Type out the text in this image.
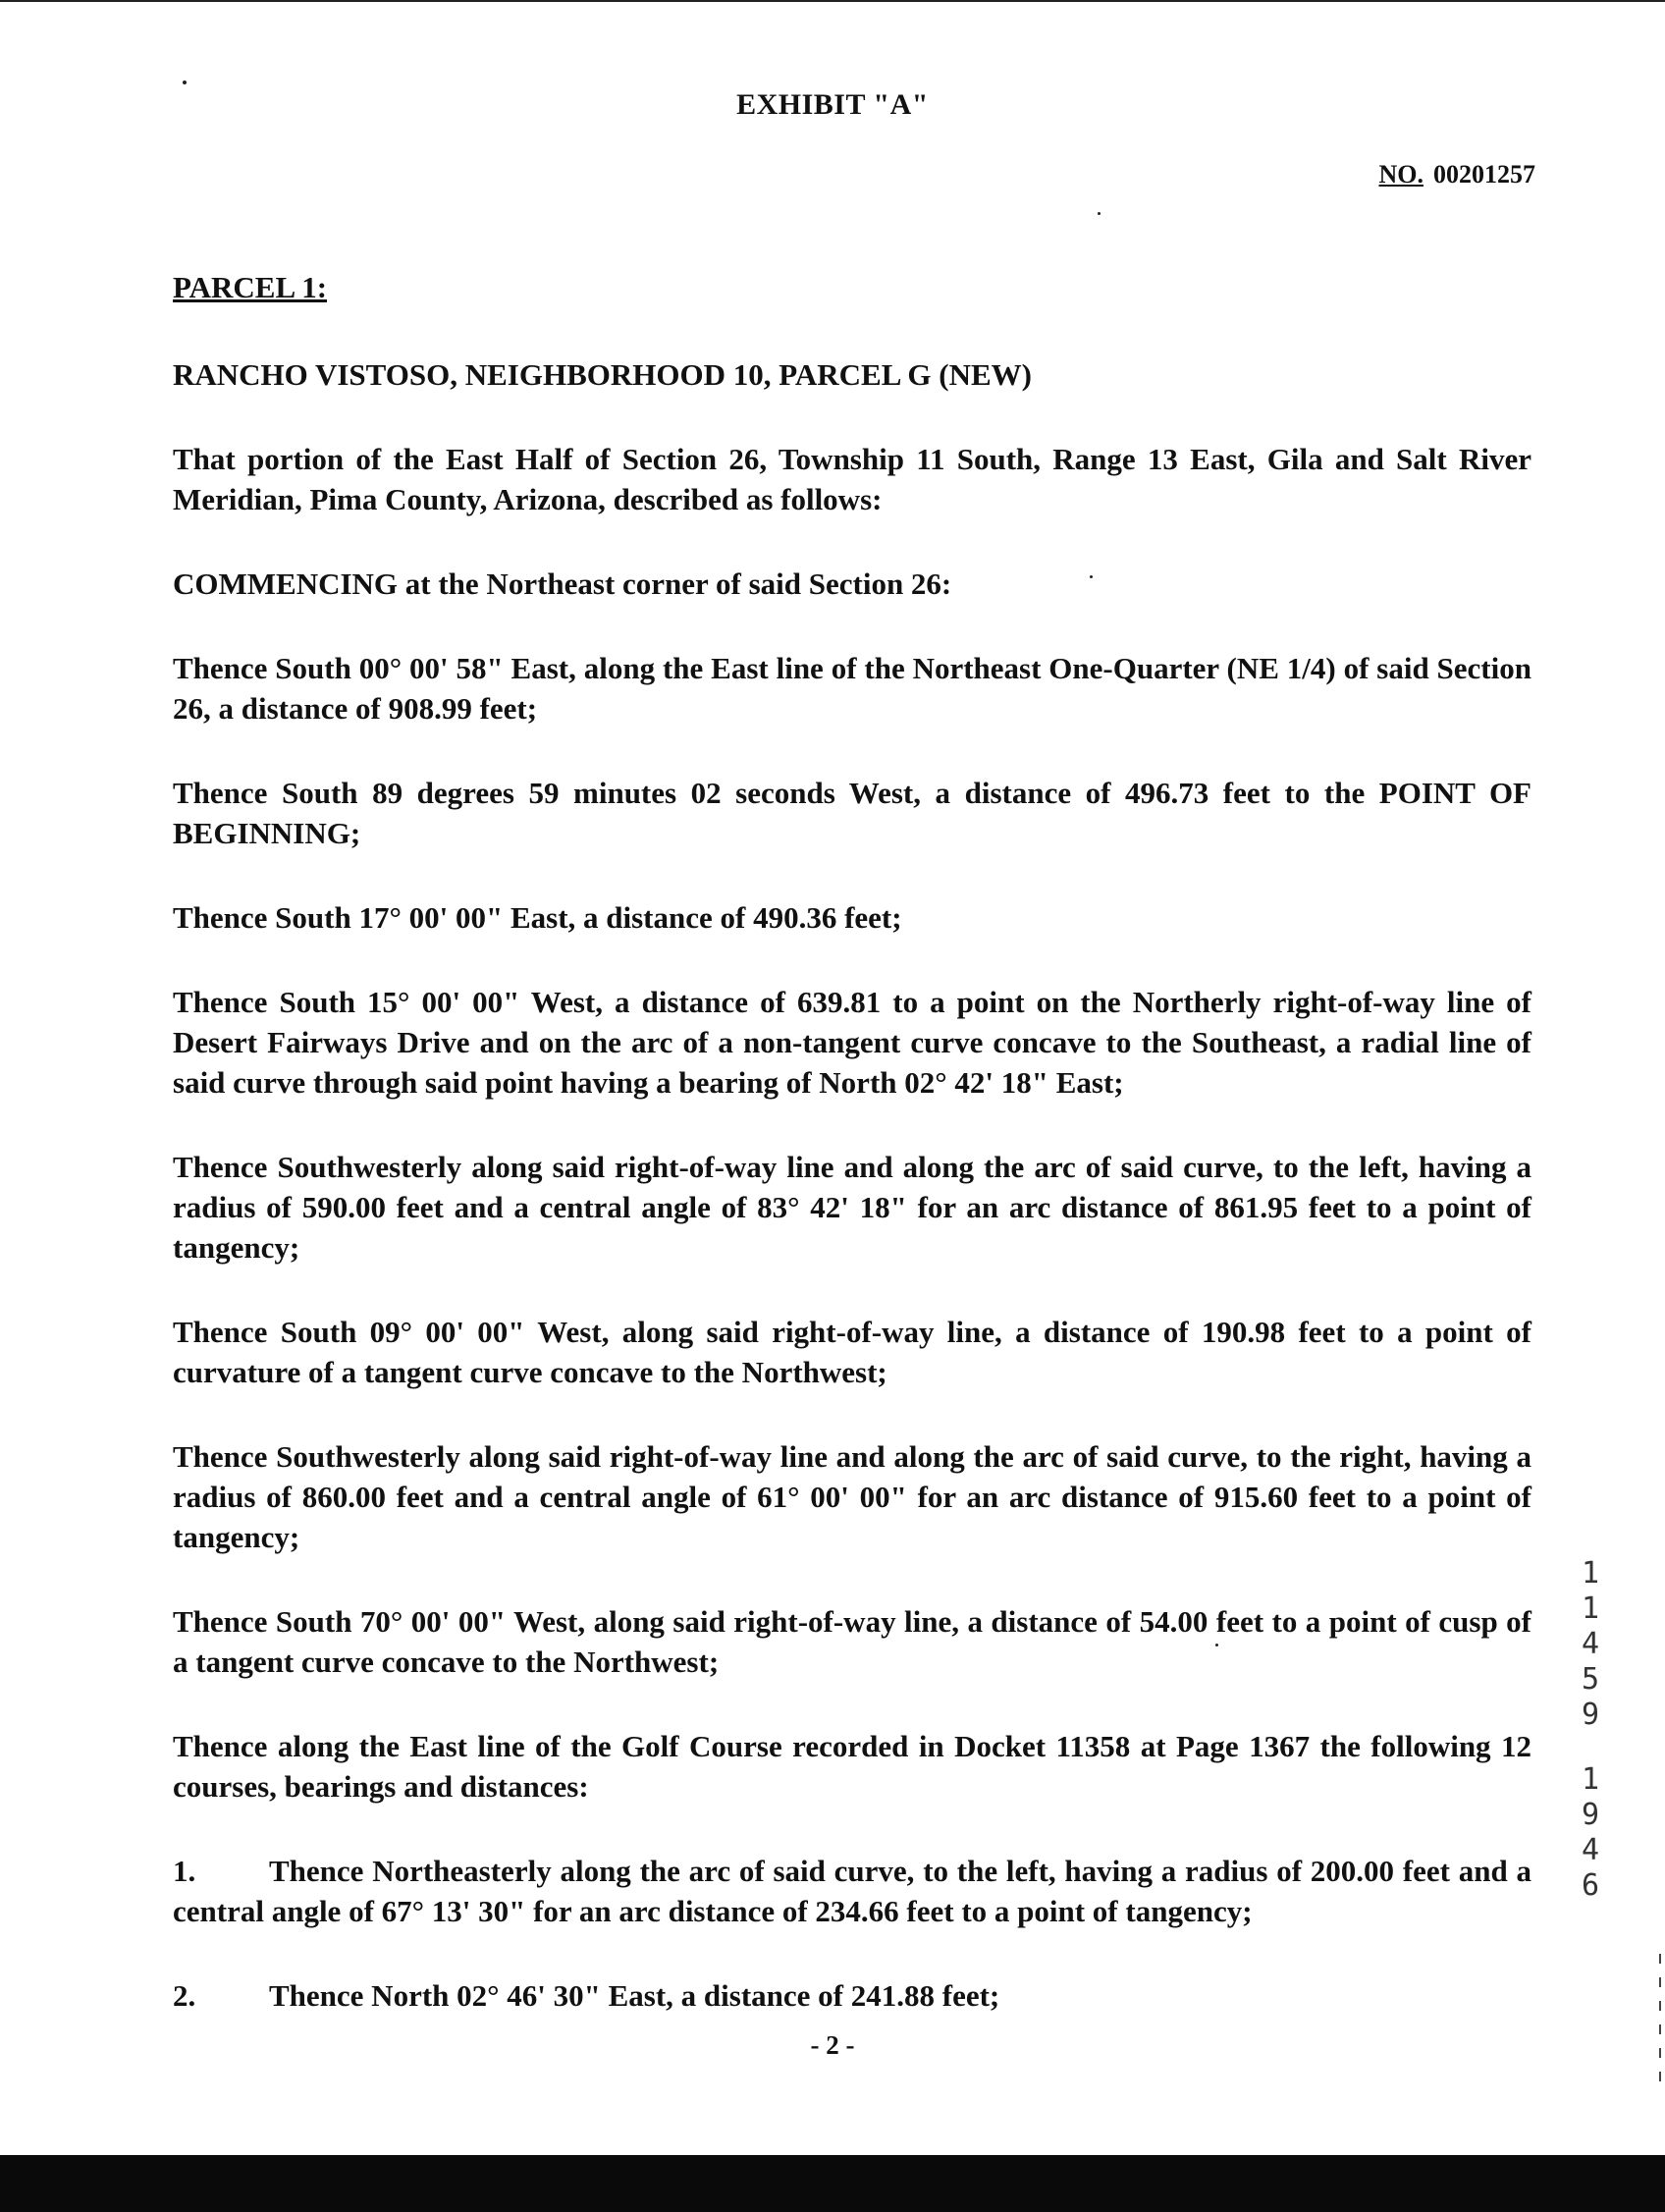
EXHIBIT "A"
NO. 00201257

PARCEL 1:

RANCHO VISTOSO, NEIGHBORHOOD 10, PARCEL G (NEW)

That portion of the East Half of Section 26, Township 11 South, Range 13 East, Gila and Salt River Meridian, Pima County, Arizona, described as follows:

COMMENCING at the Northeast corner of said Section 26:

Thence South 00° 00' 58" East, along the East line of the Northeast One-Quarter (NE 1/4) of said Section 26, a distance of 908.99 feet;

Thence South 89 degrees 59 minutes 02 seconds West, a distance of 496.73 feet to the POINT OF BEGINNING;

Thence South 17° 00' 00" East, a distance of 490.36 feet;

Thence South 15° 00' 00" West, a distance of 639.81 to a point on the Northerly right-of-way line of Desert Fairways Drive and on the arc of a non-tangent curve concave to the Southeast, a radial line of said curve through said point having a bearing of North 02° 42' 18" East;

Thence Southwesterly along said right-of-way line and along the arc of said curve, to the left, having a radius of 590.00 feet and a central angle of 83° 42' 18" for an arc distance of 861.95 feet to a point of tangency;

Thence South 09° 00' 00" West, along said right-of-way line, a distance of 190.98 feet to a point of curvature of a tangent curve concave to the Northwest;

Thence Southwesterly along said right-of-way line and along the arc of said curve, to the right, having a radius of 860.00 feet and a central angle of 61° 00' 00" for an arc distance of 915.60 feet to a point of tangency;

Thence South 70° 00' 00" West, along said right-of-way line, a distance of 54.00 feet to a point of cusp of a tangent curve concave to the Northwest;

Thence along the East line of the Golf Course recorded in Docket 11358 at Page 1367 the following 12 courses, bearings and distances:

1. Thence Northeasterly along the arc of said curve, to the left, having a radius of 200.00 feet and a central angle of 67° 13' 30" for an arc distance of 234.66 feet to a point of tangency;

2. Thence North 02° 46' 30" East, a distance of 241.88 feet;

1
1
4
5
9
1
9
4
6
- 2 -
